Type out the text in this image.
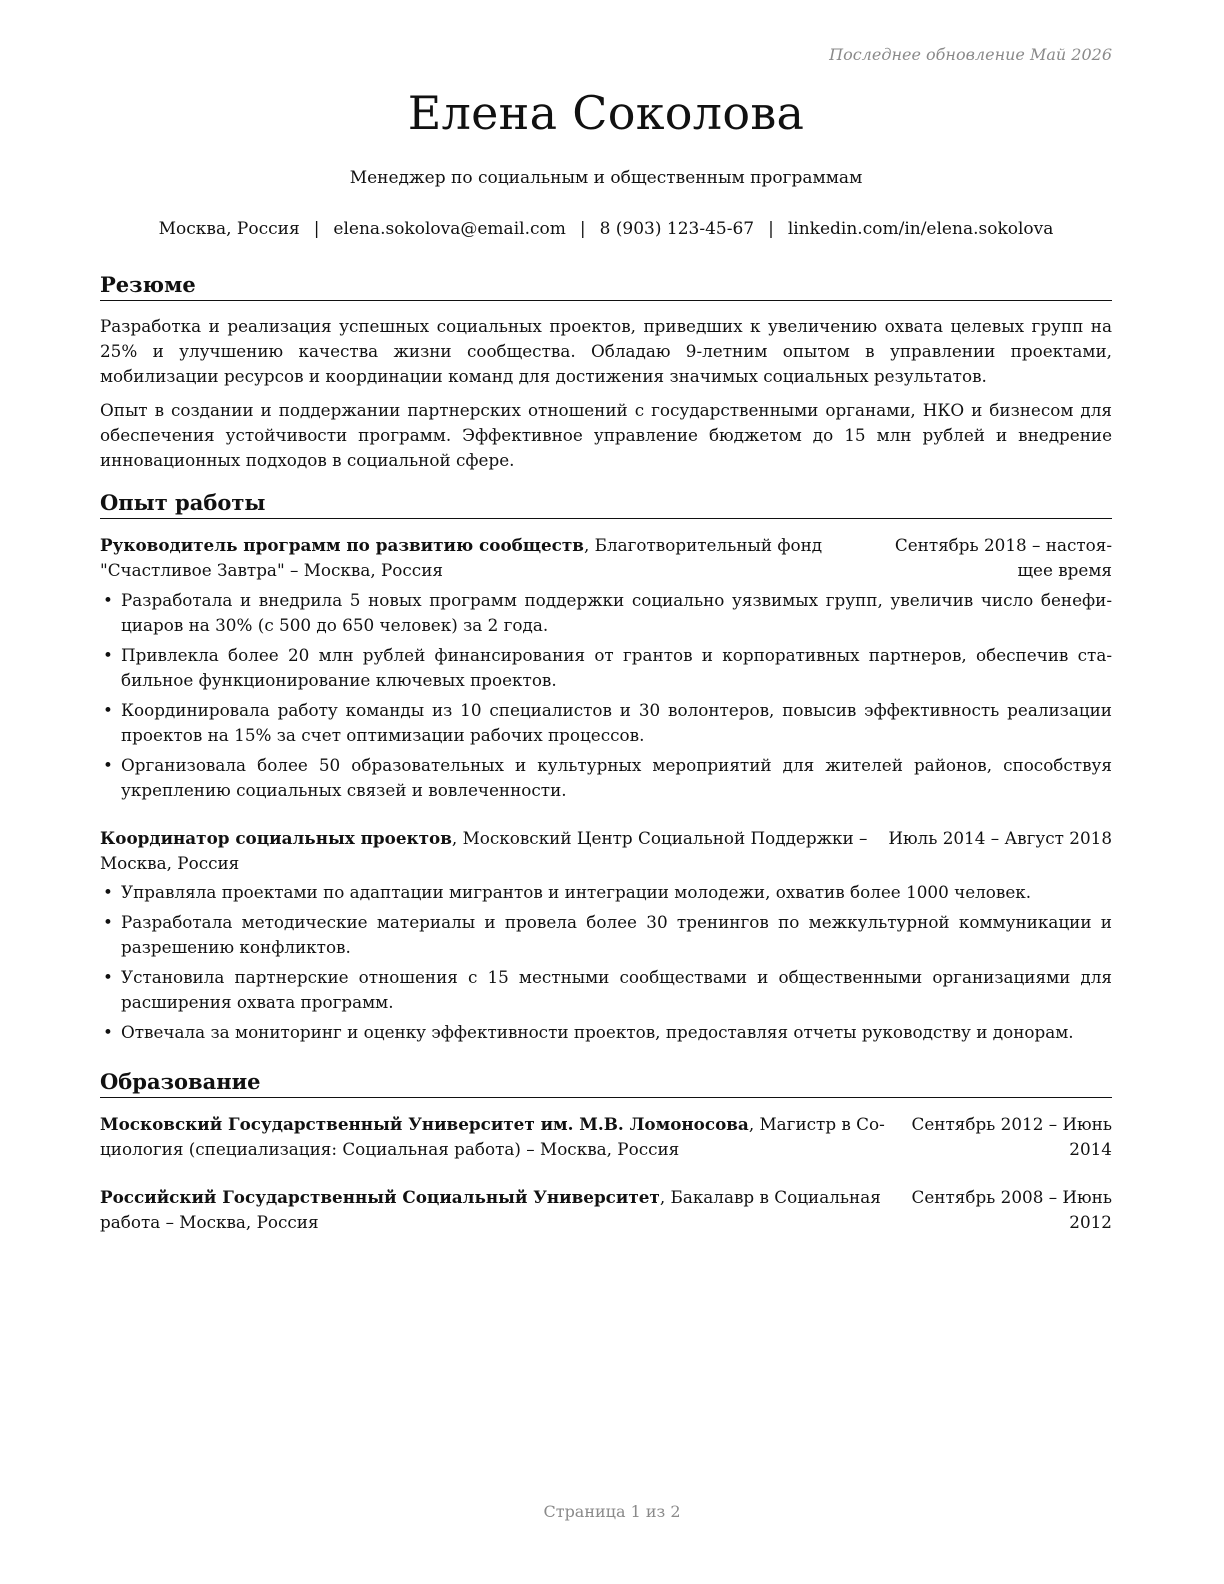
Последнее обновление Май 2026
Елена Соколова
Менеджер по социальным и общественным программам
Москва, Россия | elena.sokolova@email.com | 8 (903) 123-45-67 | linkedin.com/in/elena.sokolova
Резюме
Разработка и реализация успешных социальных проектов, приведших к увеличению охвата целевых групп на 25% и улучшению качества жизни сообщества. Обладаю 9-летним опытом в управлении проектами, мобилизации ресурсов и координации команд для достижения значимых социальных результатов.
Опыт в создании и поддержании партнерских отношений с государственными органами, НКО и бизнесом для обеспечения устойчивости программ. Эффективное управление бюджетом до 15 млн рублей и внедрение инновационных подходов в социальной сфере.
Опыт работы
Руководитель программ по развитию сообществ, Благотворительный фонд
"Счастливое Завтра" – Москва, Россия
Сентябрь 2018 – настоя-
щее время
• Разработала и внедрила 5 новых программ поддержки социально уязвимых групп, увеличив число бенефи-циаров на 30% (с 500 до 650 человек) за 2 года.
• Привлекла более 20 млн рублей финансирования от грантов и корпоративных партнеров, обеспечив ста-бильное функционирование ключевых проектов.
• Координировала работу команды из 10 специалистов и 30 волонтеров, повысив эффективность реализации проектов на 15% за счет оптимизации рабочих процессов.
• Организовала более 50 образовательных и культурных мероприятий для жителей районов, способствуя укреплению социальных связей и вовлеченности.
Координатор социальных проектов, Московский Центр Социальной Поддержки –
Москва, Россия
Июль 2014 – Август 2018
• Управляла проектами по адаптации мигрантов и интеграции молодежи, охватив более 1000 человек.
• Разработала методические материалы и провела более 30 тренингов по межкультурной коммуникации и разрешению конфликтов.
• Установила партнерские отношения с 15 местными сообществами и общественными организациями для расширения охвата программ.
• Отвечала за мониторинг и оценку эффективности проектов, предоставляя отчеты руководству и донорам.
Образование
Московский Государственный Университет им. М.В. Ломоносова, Магистр в Со-
циология (специализация: Социальная работа) – Москва, Россия
Сентябрь 2012 – Июнь
2014
Российский Государственный Социальный Университет, Бакалавр в Социальная
работа – Москва, Россия
Сентябрь 2008 – Июнь
2012
Страница 1 из 2
